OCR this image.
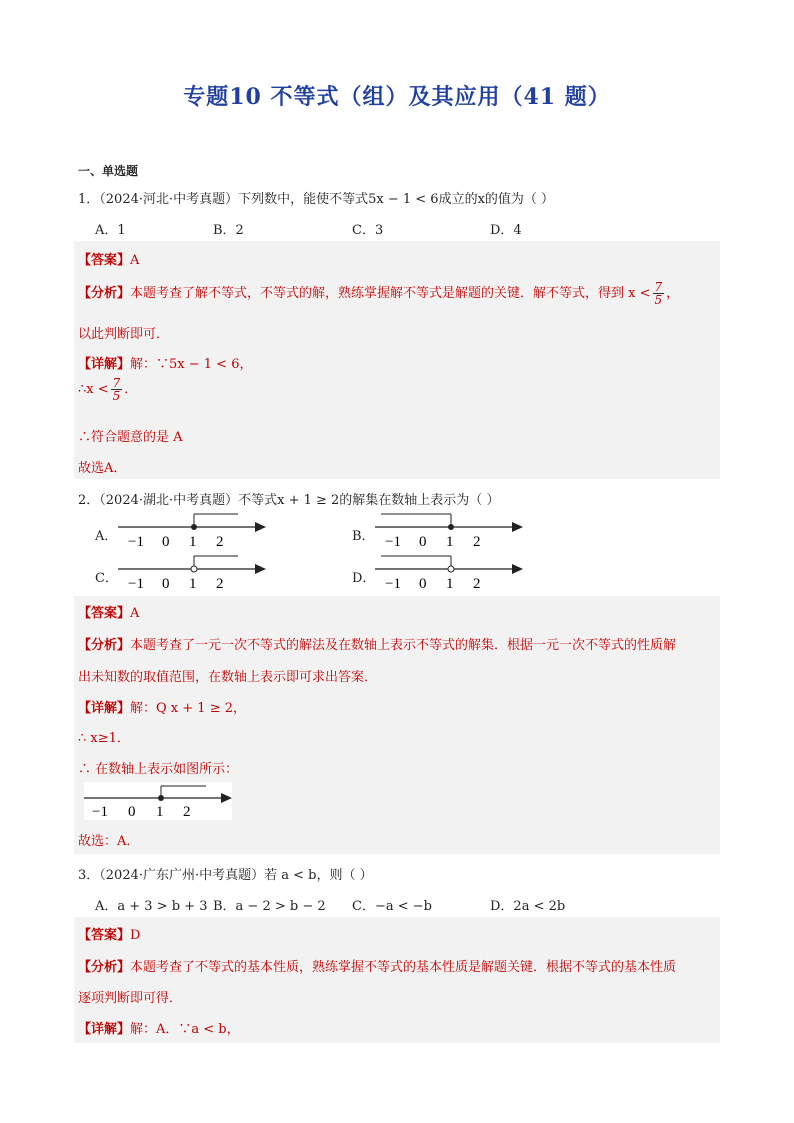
专题10 不等式（组）及其应用（41 题）
一、单选题
1．（2024·河北·中考真题）下列数中，能使不等式5x − 1 < 6成立的x的值为（ ）
A．1	B．2	C．3	D．4
【答案】A
【分析】本题考查了解不等式，不等式的解，熟练掌握解不等式是解题的关键．解不等式，得到 $x < \frac{7}{5}$ ，
以此判断即可．
【详解】解：∵5x − 1 < 6，
∴x < $\frac{7}{5}$ ．
∴符合题意的是 A
故选A．
2．（2024·湖北·中考真题）不等式x + 1 ≥ 2的解集在数轴上表示为（ ）
A． −1 0 1 2	B． −1 0 1 2
C． −1 0 1 2	D． −1 0 1 2
【答案】A
【分析】本题考查了一元一次不等式的解法及在数轴上表示不等式的解集．根据一元一次不等式的性质解
出未知数的取值范围，在数轴上表示即可求出答案．
【详解】解：Q x + 1 ≥ 2，
∴ x≥1．
∴ 在数轴上表示如图所示：
−1 0 1 2
故选：A．
3．（2024·广东广州·中考真题）若 a < b，则（ ）
A．a + 3 > b + 3 B．a − 2 > b − 2 C．−a < −b	D．2a < 2b
【答案】D
【分析】本题考查了不等式的基本性质，熟练掌握不等式的基本性质是解题关键．根据不等式的基本性质
逐项判断即可得．
【详解】解：A．∵a < b，
